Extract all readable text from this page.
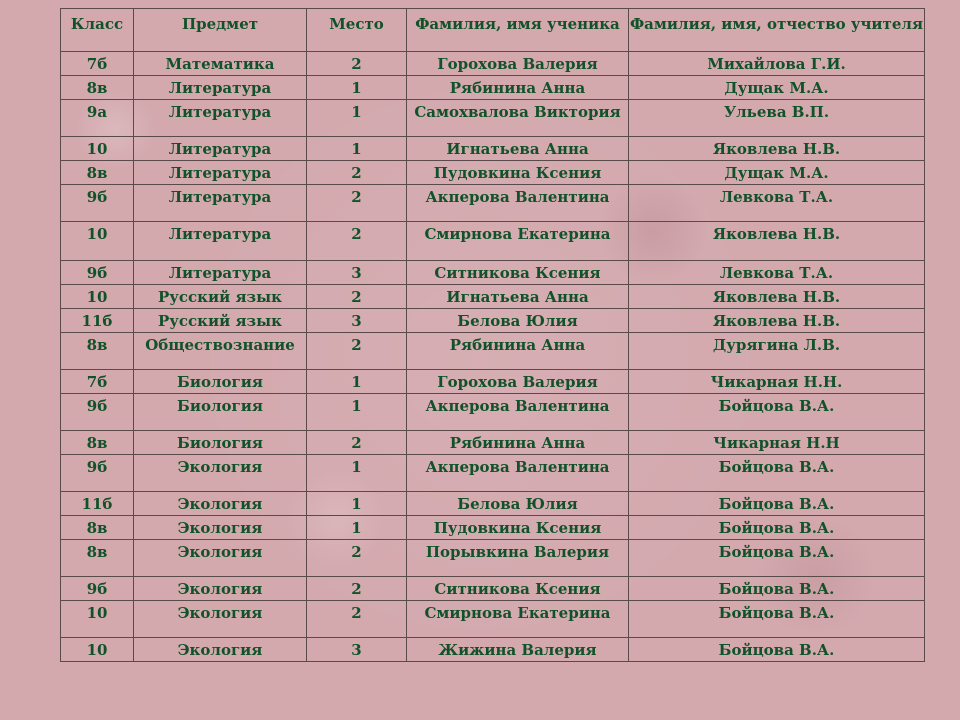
Класс	Предмет	Место	Фамилия, имя ученика	Фамилия, имя, отчество учителя
7б	Математика	2	Горохова Валерия	Михайлова Г.И.
8в	Литература	1	Рябинина Анна	Дущак М.А.
9а	Литература	1	Самохвалова Виктория	Ульева В.П.
10	Литература	1	Игнатьева Анна	Яковлева Н.В.
8в	Литература	2	Пудовкина Ксения	Дущак М.А.
9б	Литература	2	Акперова Валентина	Левкова Т.А.
10	Литература	2	Смирнова Екатерина	Яковлева Н.В.
9б	Литература	3	Ситникова Ксения	Левкова Т.А.
10	Русский язык	2	Игнатьева Анна	Яковлева Н.В.
11б	Русский язык	3	Белова Юлия	Яковлева Н.В.
8в	Обществознание	2	Рябинина Анна	Дурягина Л.В.
7б	Биология	1	Горохова Валерия	Чикарная Н.Н.
9б	Биология	1	Акперова Валентина	Бойцова В.А.
8в	Биология	2	Рябинина Анна	Чикарная Н.Н
9б	Экология	1	Акперова Валентина	Бойцова В.А.
11б	Экология	1	Белова Юлия	Бойцова В.А.
8в	Экология	1	Пудовкина Ксения	Бойцова В.А.
8в	Экология	2	Порывкина Валерия	Бойцова В.А.
9б	Экология	2	Ситникова Ксения	Бойцова В.А.
10	Экология	2	Смирнова Екатерина	Бойцова В.А.
10	Экология	3	Жижина Валерия	Бойцова В.А.
